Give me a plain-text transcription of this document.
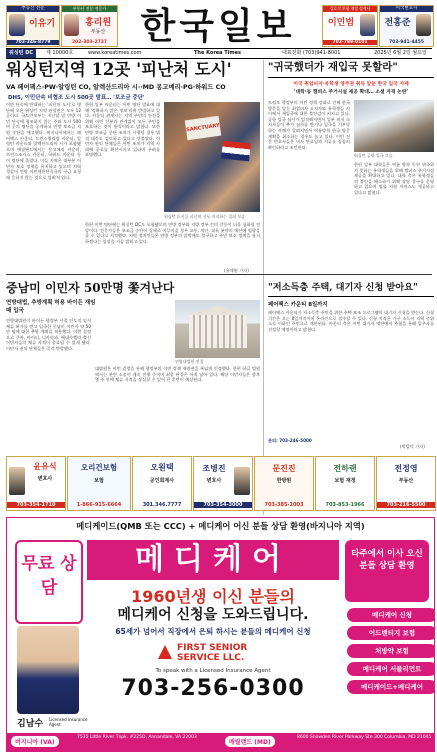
부동산 전문
이유기
703-346-8779
부동산 전문 전문가
홍리원
부동산
202-303-2737 한국일보	김호석 보험 재정 설계사
이민범
703-789-0101
미국변호사
전홍준
703-941-4455
워싱턴 DC	제 10000호	www.koreatimes.com	The Korea Times	대표전화 (703)941-8001	2025년 6월 2일 월요일
워싱턴지역 12곳 '피난처 도시'
VA 페어팩스·PW·알링턴 CO, 알렉산드리아 시··MD 몽고메리·PG·하워드 CO
DHS, 이민단속 비협조 도시 500곳 발표… '보조금 중단'
이번 단속에 반대하는 '피난처 도시'로 명단에 오른 워싱턴 지역 관할권은 모두 12곳이다. 국토안보부는 지난달 말 연방 이민 단속에 협조하지 않는 주와 도시 500여 곳의 명단을 공개하고 연방 보조금 지원 중단을 예고했다. 버지니아에서는 페어팩스 카운티, 프린스윌리엄 카운티, 알링턴 카운티와 알렉산드리아 시가 포함됐으며 메릴랜드에서는 몽고메리 카운티, 프린스조지스 카운티, 하워드 카운티 등이 명단에 올랐다. 이들 지역은 대부분 이민자 보호 정책을 유지하고 있으며 지역 경찰이 연방 이민세관단속국의 구금 요청에 응하지 않는 것으로 알려져 있다.
한편 일부 카운티는 이번 명단 발표에 대해 '정확하지 않은 정보'라며 반발하고 있다. 카운티 관계자는 지역 주민의 안전을 위해 이민 신분과 관계없이 모든 주민을 보호하는 것이 원칙이라고 밝혔다. 또한 연방 보조금 중단 조치가 시행될 경우 법적 대응도 검토하고 있다고 덧붙였다. 이민자 권익 단체들은 이번 조치가 지역 사회에 공포를 확산시키고 있다며 우려를 표명했다.
SANCTUARY
워싱턴 도시들 피난처 선포 지지하는 집회 모습
한편 이번 명단에는 워싱턴 DC도 포함됐으며 연방 정부와 지방 정부 간의 갈등이 더욱 심화될 전망이다. 전문가들은 보조금 중단이 실제로 이루어질 경우 교통, 치안, 교육 분야의 예산에 영향을 줄 수 있다고 지적했다. 지역 정치인들은 연방 정부의 압박에도 불구하고 주민 보호 정책을 유지하겠다는 입장을 거듭 밝히고 있다.
(유제원 기자)
"귀국했더가 재입국 못할라"
미국 취업비자·유학생 영주권 취득 앞둔 한국 입국 자제
'대학·동 캠퍼스 주거시설 제공 확대… 소셜 자격 논란'
트럼프 행정부의 이민 정책 강화로 인해 한국 방문을 앞둔 취업비자 소지자와 유학생들 사이에서 재입국에 대한 불안감이 커지고 있다. 공항 입국 심사가 엄격해지면서 일부 비자 소지자들이 추가 심사를 받거나 입국을 거부당하는 사례가 알려지면서 여름방학 한국 방문 계획을 취소하는 경우도 늘고 있다. 이민 전문 변호사들은 비자 만료일과 서류를 꼼꼼히 확인하라고 조언한다.
워싱턴 공항 입국 모습
한편 일부 대학들은 여름 방학 동안 귀국하지 못하는 유학생들을 위해 캠퍼스 주거시설 제공을 확대하고 있다. 대학 측은 유학생들의 불안을 해소하기 위해 상담 창구를 운영하고 있으며 법률 지원 서비스도 제공하고 있다고 밝혔다.
중남미 이민자 50만명 쫓겨난다
연방대법, 추방계획 허용 바이든 재임 때 입국
연방대법원이 바이든 행정부 시절 인도적 임시 체류 허가를 받고 입국한 중남미 이민자 약 50만 명에 대한 추방 계획을 허용했다. 이번 결정으로 쿠바, 아이티, 니카라과, 베네수엘라 출신 이민자들의 체류 자격이 종료될 수 있게 됐다. 이민자 권익 단체들은 즉각 반발했다.
연방대법원 전경
대법원은 이번 결정을 통해 행정부의 이민 정책 재량권을 폭넓게 인정했다. 한편 하급 법원에서는 관련 소송이 계속 진행 중이며 최종 판결은 아직 남아 있다. 해당 이민자들은 향후 몇 주 안에 체류 자격을 상실할 수 있어 큰 혼란이 예상된다.
"저소득층 주택, 대기자 신청 받아요"
페어팩스 카운티 8일까지
페어팩스 카운티가 저소득층 주민을 위한 주택 보조 프로그램의 대기자 신청을 받는다. 신청 기간은 오는 8일까지이며 온라인으로 접수할 수 있다. 신청 자격은 가구 소득이 지역 중위 소득 이하인 주민으로 제한된다. 카운티 측은 이번 대기자 명단에서 추첨을 통해 입주자를 선정할 예정이라고 밝혔다.
문의: 703-246-5000
(박광덕 기자)
윤유식
변호사
703-354-1710
오리건보험
보험
1-866-915-6664
오원택
공인회계사
301.346.7777
조병진
변호사
703-354-3000
문진진
한방원
703-385-1003
전하랜
보험 재정
703-853-1966
전정영
부동산
703-216-5500
메디케이드(QMB 또는 CCC) + 메디케어 어신 분들 상담 환영(바지니아 지역)
무료 상담
메디케어	타주에서 이사 오신 분들 상담 환영
1960년생 이신 분들의
메디케어 신청을 도와드립니다.
65세가 넘어서 직장에서 은퇴 하시는 분들의 메디케어 신청
FIRST SENIOR SERVICE LLC.
To speak with a Licensed Insurance Agent
703-256-0300
김남수	Licensed Insurance Agent
메디케어 신청
어드밴티지 보험
처방약 보험
메디케어 서플리먼트
메디케이드+메디케어
버지니아 (VA)
7535 Little River Tnpk. #225D, Annandale, VA 22003
메릴랜드 (MD)
8600 Snowden River Parkway Ste 300 Columbia, MD 21045
